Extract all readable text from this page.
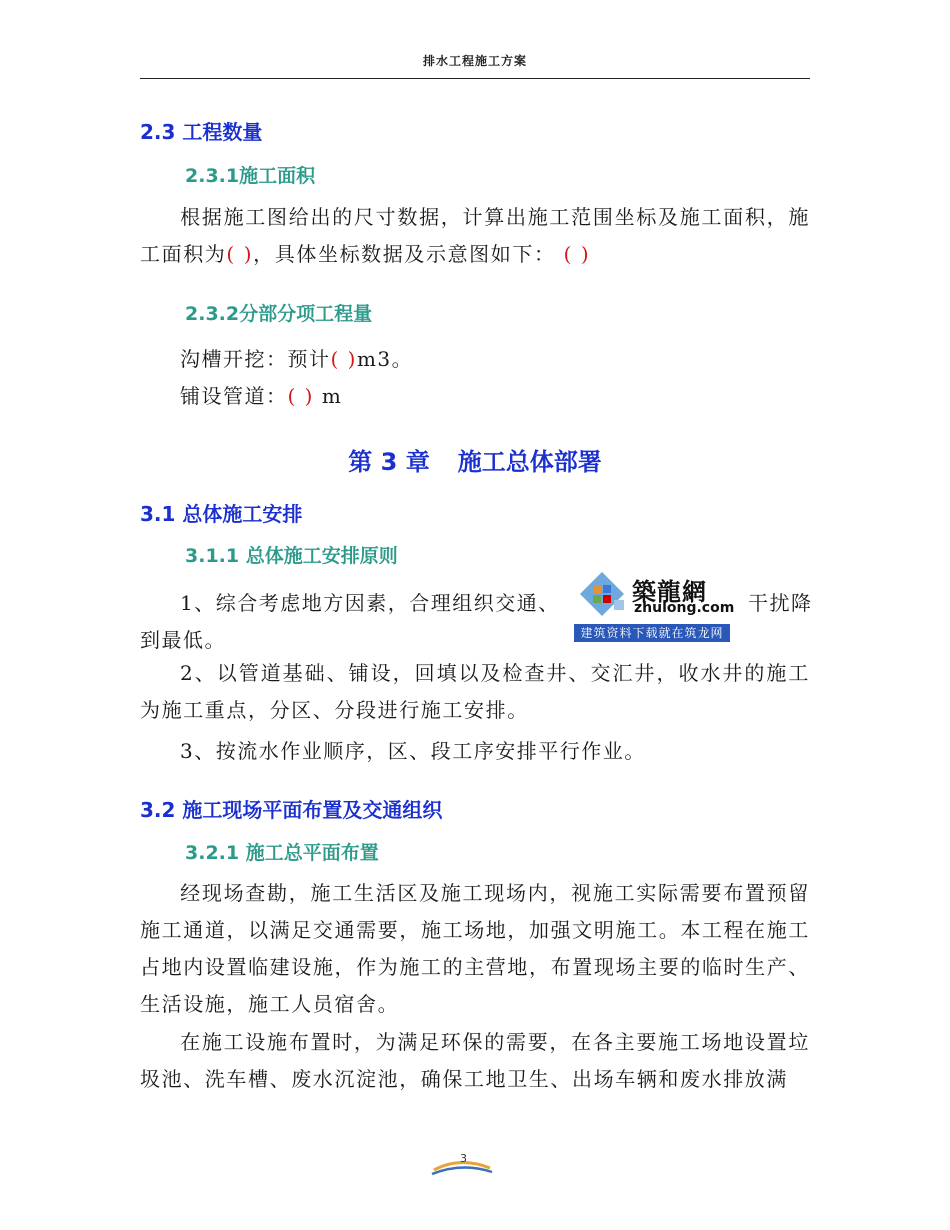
排水工程施工方案
2.3 工程数量
2.3.1施工面积
根据施工图给出的尺寸数据，计算出施工范围坐标及施工面积，施工面积为( )，具体坐标数据及示意图如下： ( )
2.3.2分部分项工程量
沟槽开挖：预计( )m3。
铺设管道：( ) m
第 3 章 施工总体部署
3.1 总体施工安排
3.1.1 总体施工安排原则
1、综合考虑地方因素，合理组织交通、	干扰降
到最低。
2、以管道基础、铺设，回填以及检查井、交汇井，收水井的施工为施工重点，分区、分段进行施工安排。
3、按流水作业顺序，区、段工序安排平行作业。
3.2 施工现场平面布置及交通组织
3.2.1 施工总平面布置
经现场查勘，施工生活区及施工现场内，视施工实际需要布置预留施工通道，以满足交通需要，施工场地，加强文明施工。本工程在施工占地内设置临建设施，作为施工的主营地，布置现场主要的临时生产、生活设施，施工人员宿舍。
在施工设施布置时，为满足环保的需要，在各主要施工场地设置垃圾池、洗车槽、废水沉淀池，确保工地卫生、出场车辆和废水排放满
築龍網
zhulong.com
建筑资料下载就在筑龙网
3
